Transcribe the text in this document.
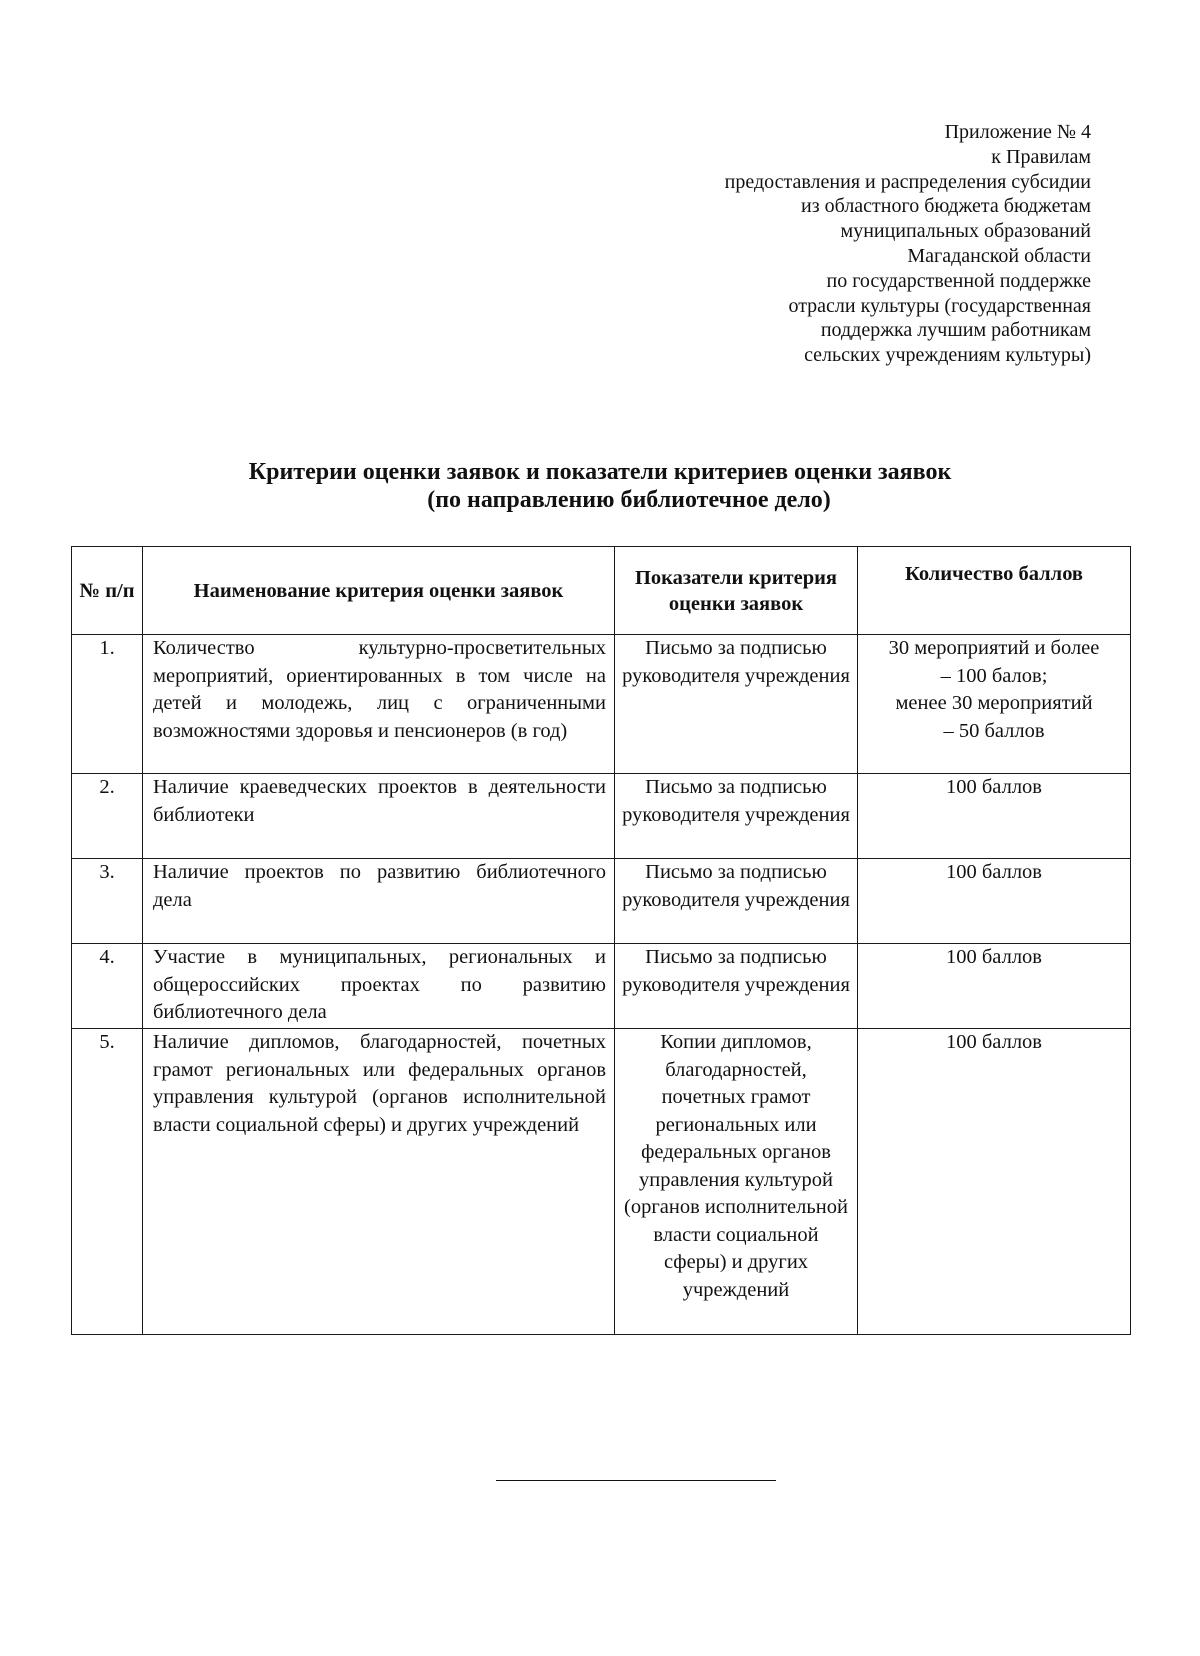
Приложение № 4
к Правилам
предоставления и распределения субсидии
из областного бюджета бюджетам
муниципальных образований
Магаданской области
по государственной поддержке
отрасли культуры (государственная
поддержка лучшим работникам
сельских учреждениям культуры)
Критерии оценки заявок и показатели критериев оценки заявок
(по направлению библиотечное дело)
№ п/п	Наименование критерия оценки заявок	Показатели критерия оценки заявок	Количество баллов
1.	Количество культурно-просветительных мероприятий, ориентированных в том числе на детей и молодежь, лиц с ограниченными возможностями здоровья и пенсионеров (в год)	Письмо за подписью руководителя учреждения	30 мероприятий и более
– 100 балов;
менее 30 мероприятий
– 50 баллов

2.	Наличие краеведческих проектов в деятельности библиотеки	Письмо за подписью руководителя учреждения	100 баллов
3.	Наличие проектов по развитию библиотечного дела	Письмо за подписью руководителя учреждения	100 баллов
4.	Участие в муниципальных, региональных и общероссийских проектах по развитию библиотечного дела	Письмо за подписью руководителя учреждения	100 баллов
5.	Наличие дипломов, благодарностей, почетных грамот региональных или федеральных органов управления культурой (органов исполнительной власти социальной сферы) и других учреждений	Копии дипломов, благодарностей, почетных грамот региональных или федеральных органов управления культурой (органов исполнительной власти социальной сферы) и других учреждений	100 баллов
